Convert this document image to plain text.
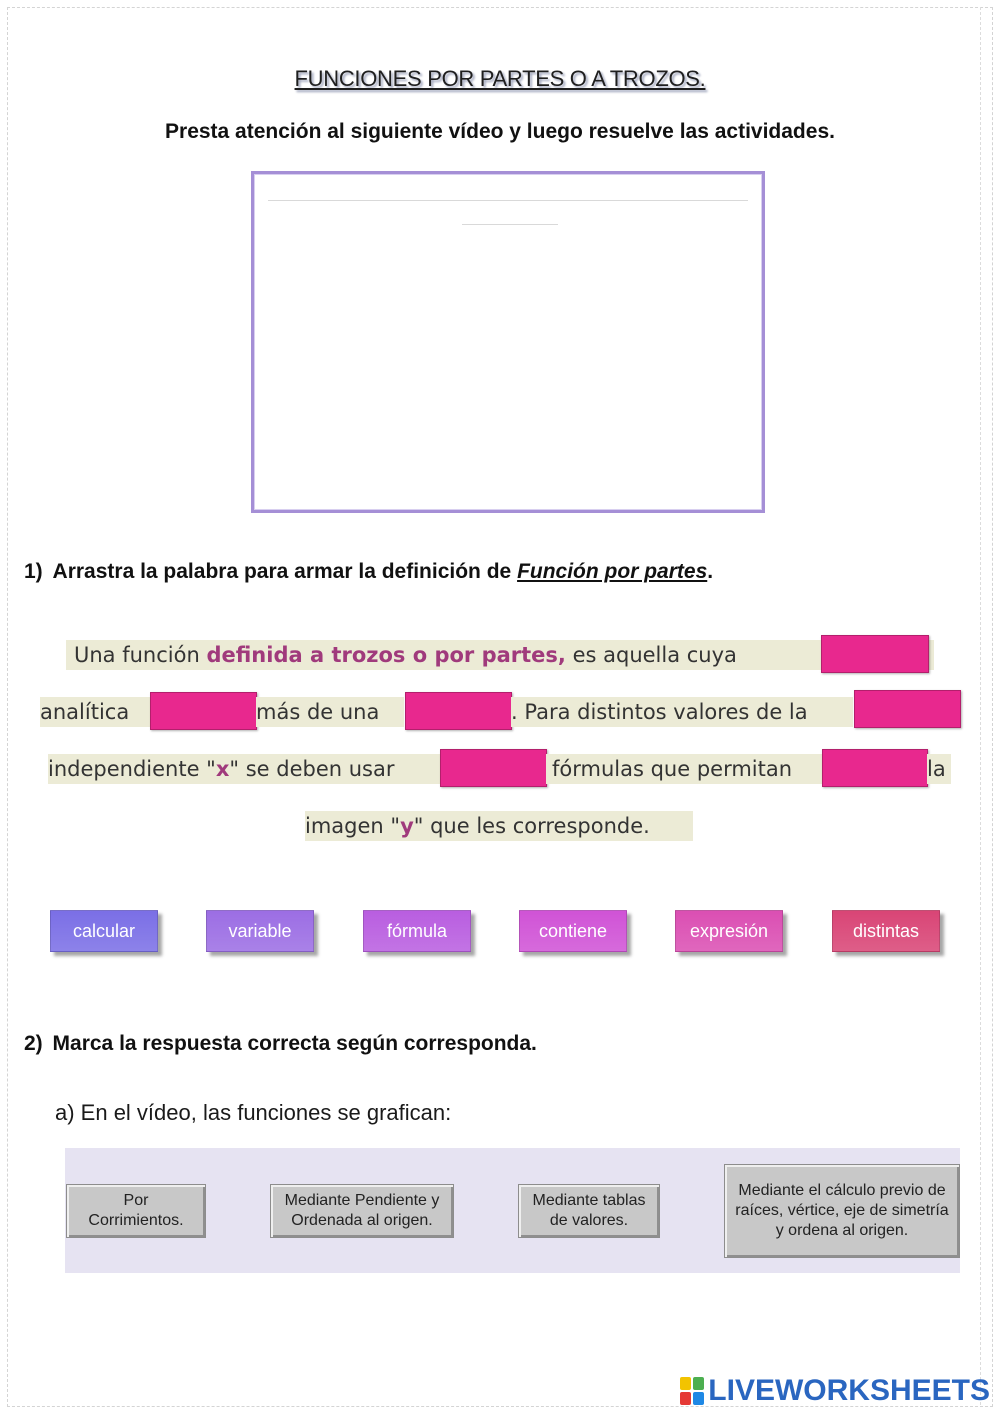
FUNCIONES POR PARTES O A TROZOS.
Presta atención al siguiente vídeo y luego resuelve las actividades.
1) Arrastra la palabra para armar la definición de Función por partes.
Una función definida a trozos o por partes, es aquella cuya
analítica	más de una	. Para distintos valores de la
independiente "x" se deben usar	fórmulas que permitan	la
imagen "y" que les corresponde.
calcular	variable	fórmula	contiene	expresión	distintas
2) Marca la respuesta correcta según corresponda.
a) En el vídeo, las funciones se grafican:
Por
Corrimientos.
Mediante Pendiente y
Ordenada al origen.
Mediante tablas
de valores.
Mediante el cálculo previo de
raíces, vértice, eje de simetría
y ordena al origen.
LIVEWORKSHEETS
